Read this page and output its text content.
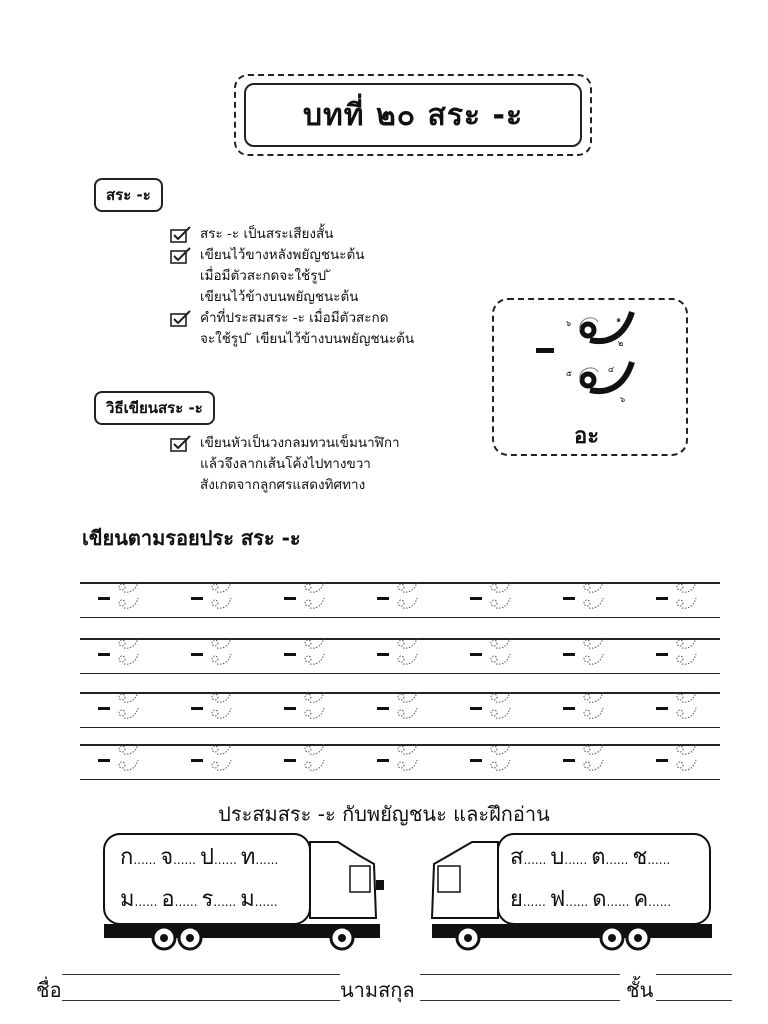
บทที่ ๒๐ สระ -ะ
สระ -ะ
สระ -ะ เป็นสระเสียงสั้น
เขียนไว้ขางหลังพยัญชนะต้น
เมื่อมีตัวสะกดจะใช้รูป ั
เขียนไว้ข้างบนพยัญชนะต้น
คำที่ประสมสระ -ะ เมื่อมีตัวสะกด
จะใช้รูป ั เขียนไว้ข้างบนพยัญชนะต้น
วิธีเขียนสระ -ะ
เขียนหัวเป็นวงกลมทวนเข็มนาฬิกา
แล้วจึงลากเส้นโค้งไปทางขวา
สังเกตจากลูกศรแสดงทิศทาง
๖	๑
๒
๕	๔
๖
อะ
เขียนตามรอยประ สระ -ะ
ประสมสระ -ะ กับพยัญชนะ และฝึกอ่าน
ก...... จ...... ป...... ท......
ม...... อ...... ร...... ม......
ส...... บ...... ต...... ช......
ย...... ฟ...... ด...... ค......
ชื่อ	นามสกุล	ชั้น
